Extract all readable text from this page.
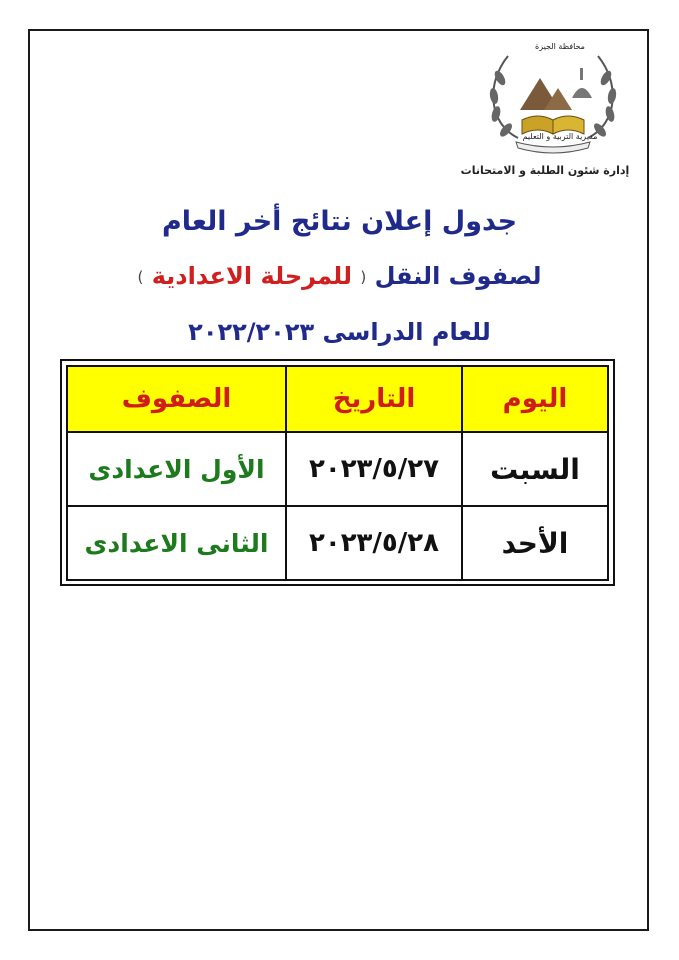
محافظة الجيزة
مديرية التربية و التعليم
إدارة شئون الطلبة و الامتحانات
جدول إعلان نتائج أخر العام
لصفوف النقل ( للمرحلة الاعدادية )
للعام الدراسى ٢٠٢٢/٢٠٢٣
اليوم	التاريخ	الصفوف
السبت	٢٠٢٣/٥/٢٧	الأول الاعدادى
الأحد	٢٠٢٣/٥/٢٨	الثانى الاعدادى
